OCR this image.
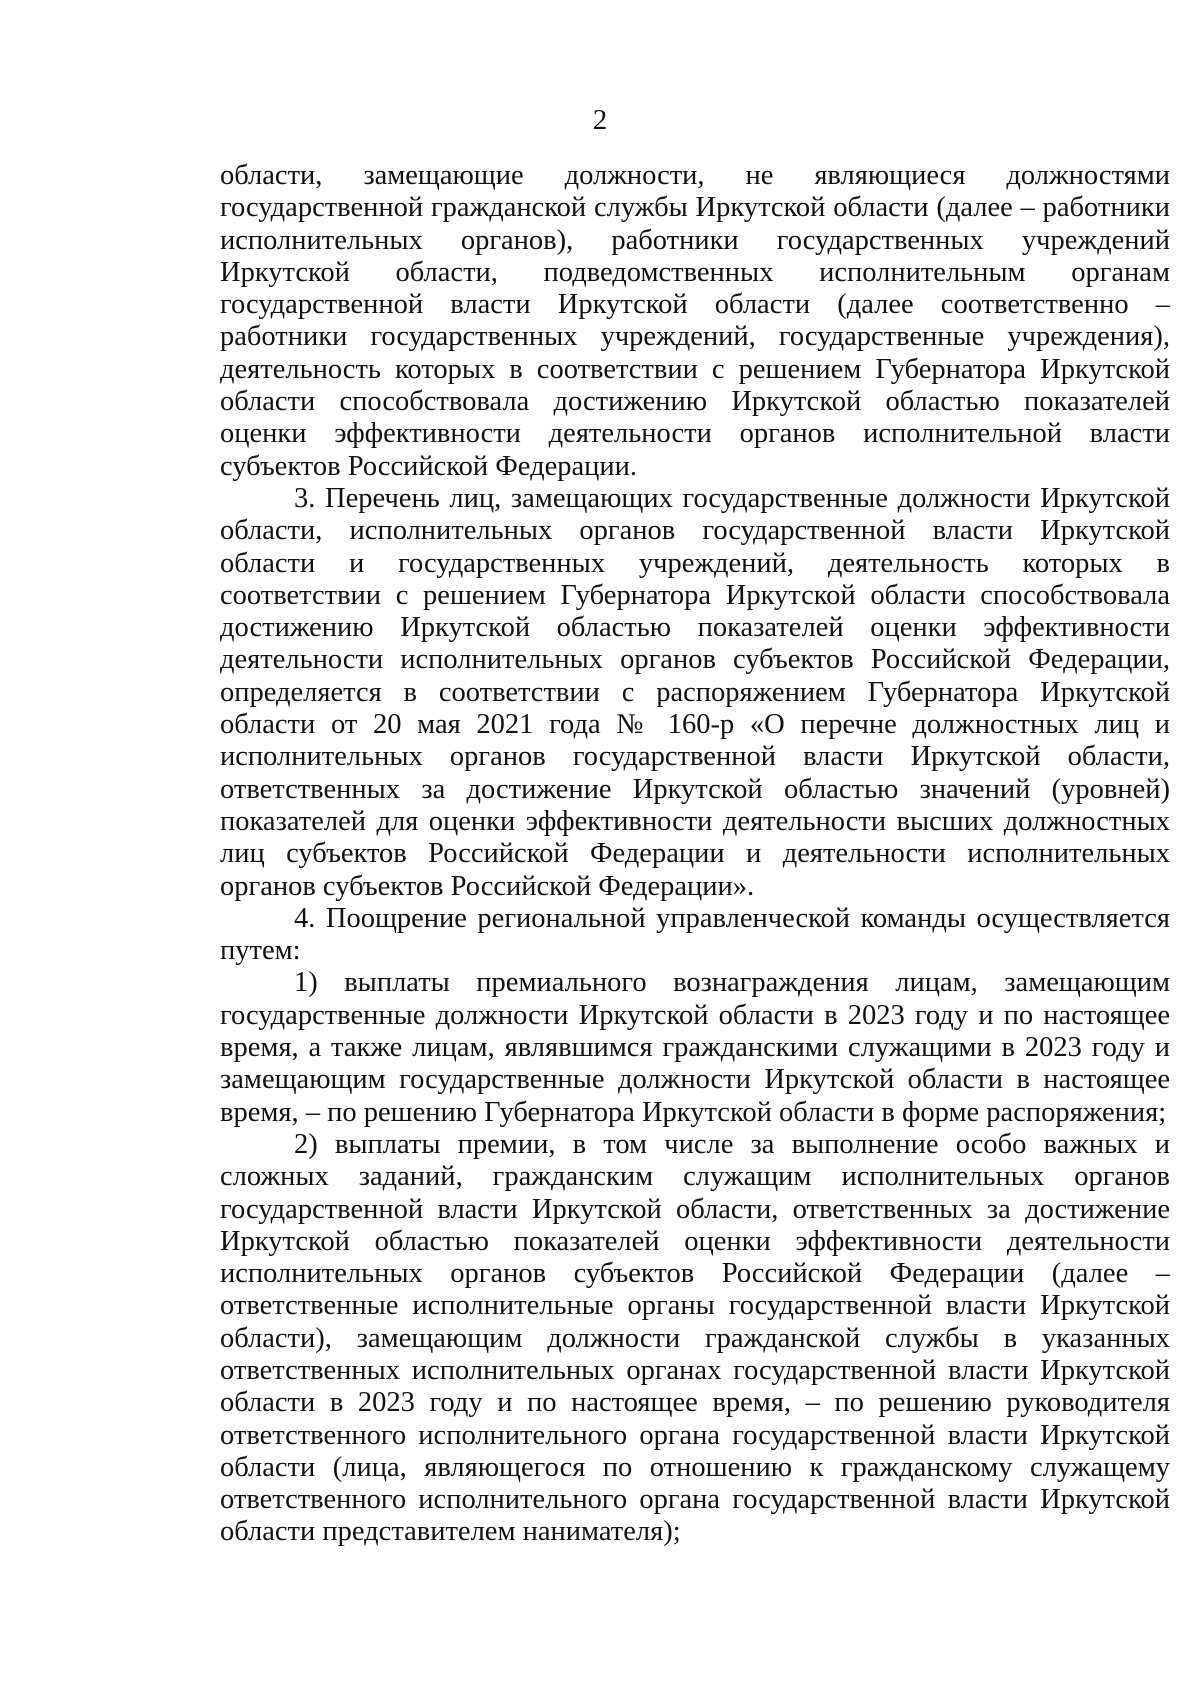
2

области, замещающие должности, не являющиеся должностями государственной гражданской службы Иркутской области (далее – работники исполнительных органов), работники государственных учреждений Иркутской области, подведомственных исполнительным органам государственной власти Иркутской области (далее соответственно – работники государственных учреждений, государственные учреждения), деятельность которых в соответствии с решением Губернатора Иркутской области способствовала достижению Иркутской областью показателей оценки эффективности деятельности органов исполнительной власти субъектов Российской Федерации.

3. Перечень лиц, замещающих государственные должности Иркутской области, исполнительных органов государственной власти Иркутской области и государственных учреждений, деятельность которых в соответствии с решением Губернатора Иркутской области способствовала достижению Иркутской областью показателей оценки эффективности деятельности исполнительных органов субъектов Российской Федерации, определяется в соответствии с распоряжением Губернатора Иркутской области от 20 мая 2021 года № 160-р «О перечне должностных лиц и исполнительных органов государственной власти Иркутской области, ответственных за достижение Иркутской областью значений (уровней) показателей для оценки эффективности деятельности высших должностных лиц субъектов Российской Федерации и деятельности исполнительных органов субъектов Российской Федерации».

4. Поощрение региональной управленческой команды осуществляется путем:

1) выплаты премиального вознаграждения лицам, замещающим государственные должности Иркутской области в 2023 году и по настоящее время, а также лицам, являвшимся гражданскими служащими в 2023 году и замещающим государственные должности Иркутской области в настоящее время, – по решению Губернатора Иркутской области в форме распоряжения;

2) выплаты премии, в том числе за выполнение особо важных и сложных заданий, гражданским служащим исполнительных органов государственной власти Иркутской области, ответственных за достижение Иркутской областью показателей оценки эффективности деятельности исполнительных органов субъектов Российской Федерации (далее – ответственные исполнительные органы государственной власти Иркутской области), замещающим должности гражданской службы в указанных ответственных исполнительных органах государственной власти Иркутской области в 2023 году и по настоящее время, – по решению руководителя ответственного исполнительного органа государственной власти Иркутской области (лица, являющегося по отношению к гражданскому служащему ответственного исполнительного органа государственной власти Иркутской области представителем нанимателя);
